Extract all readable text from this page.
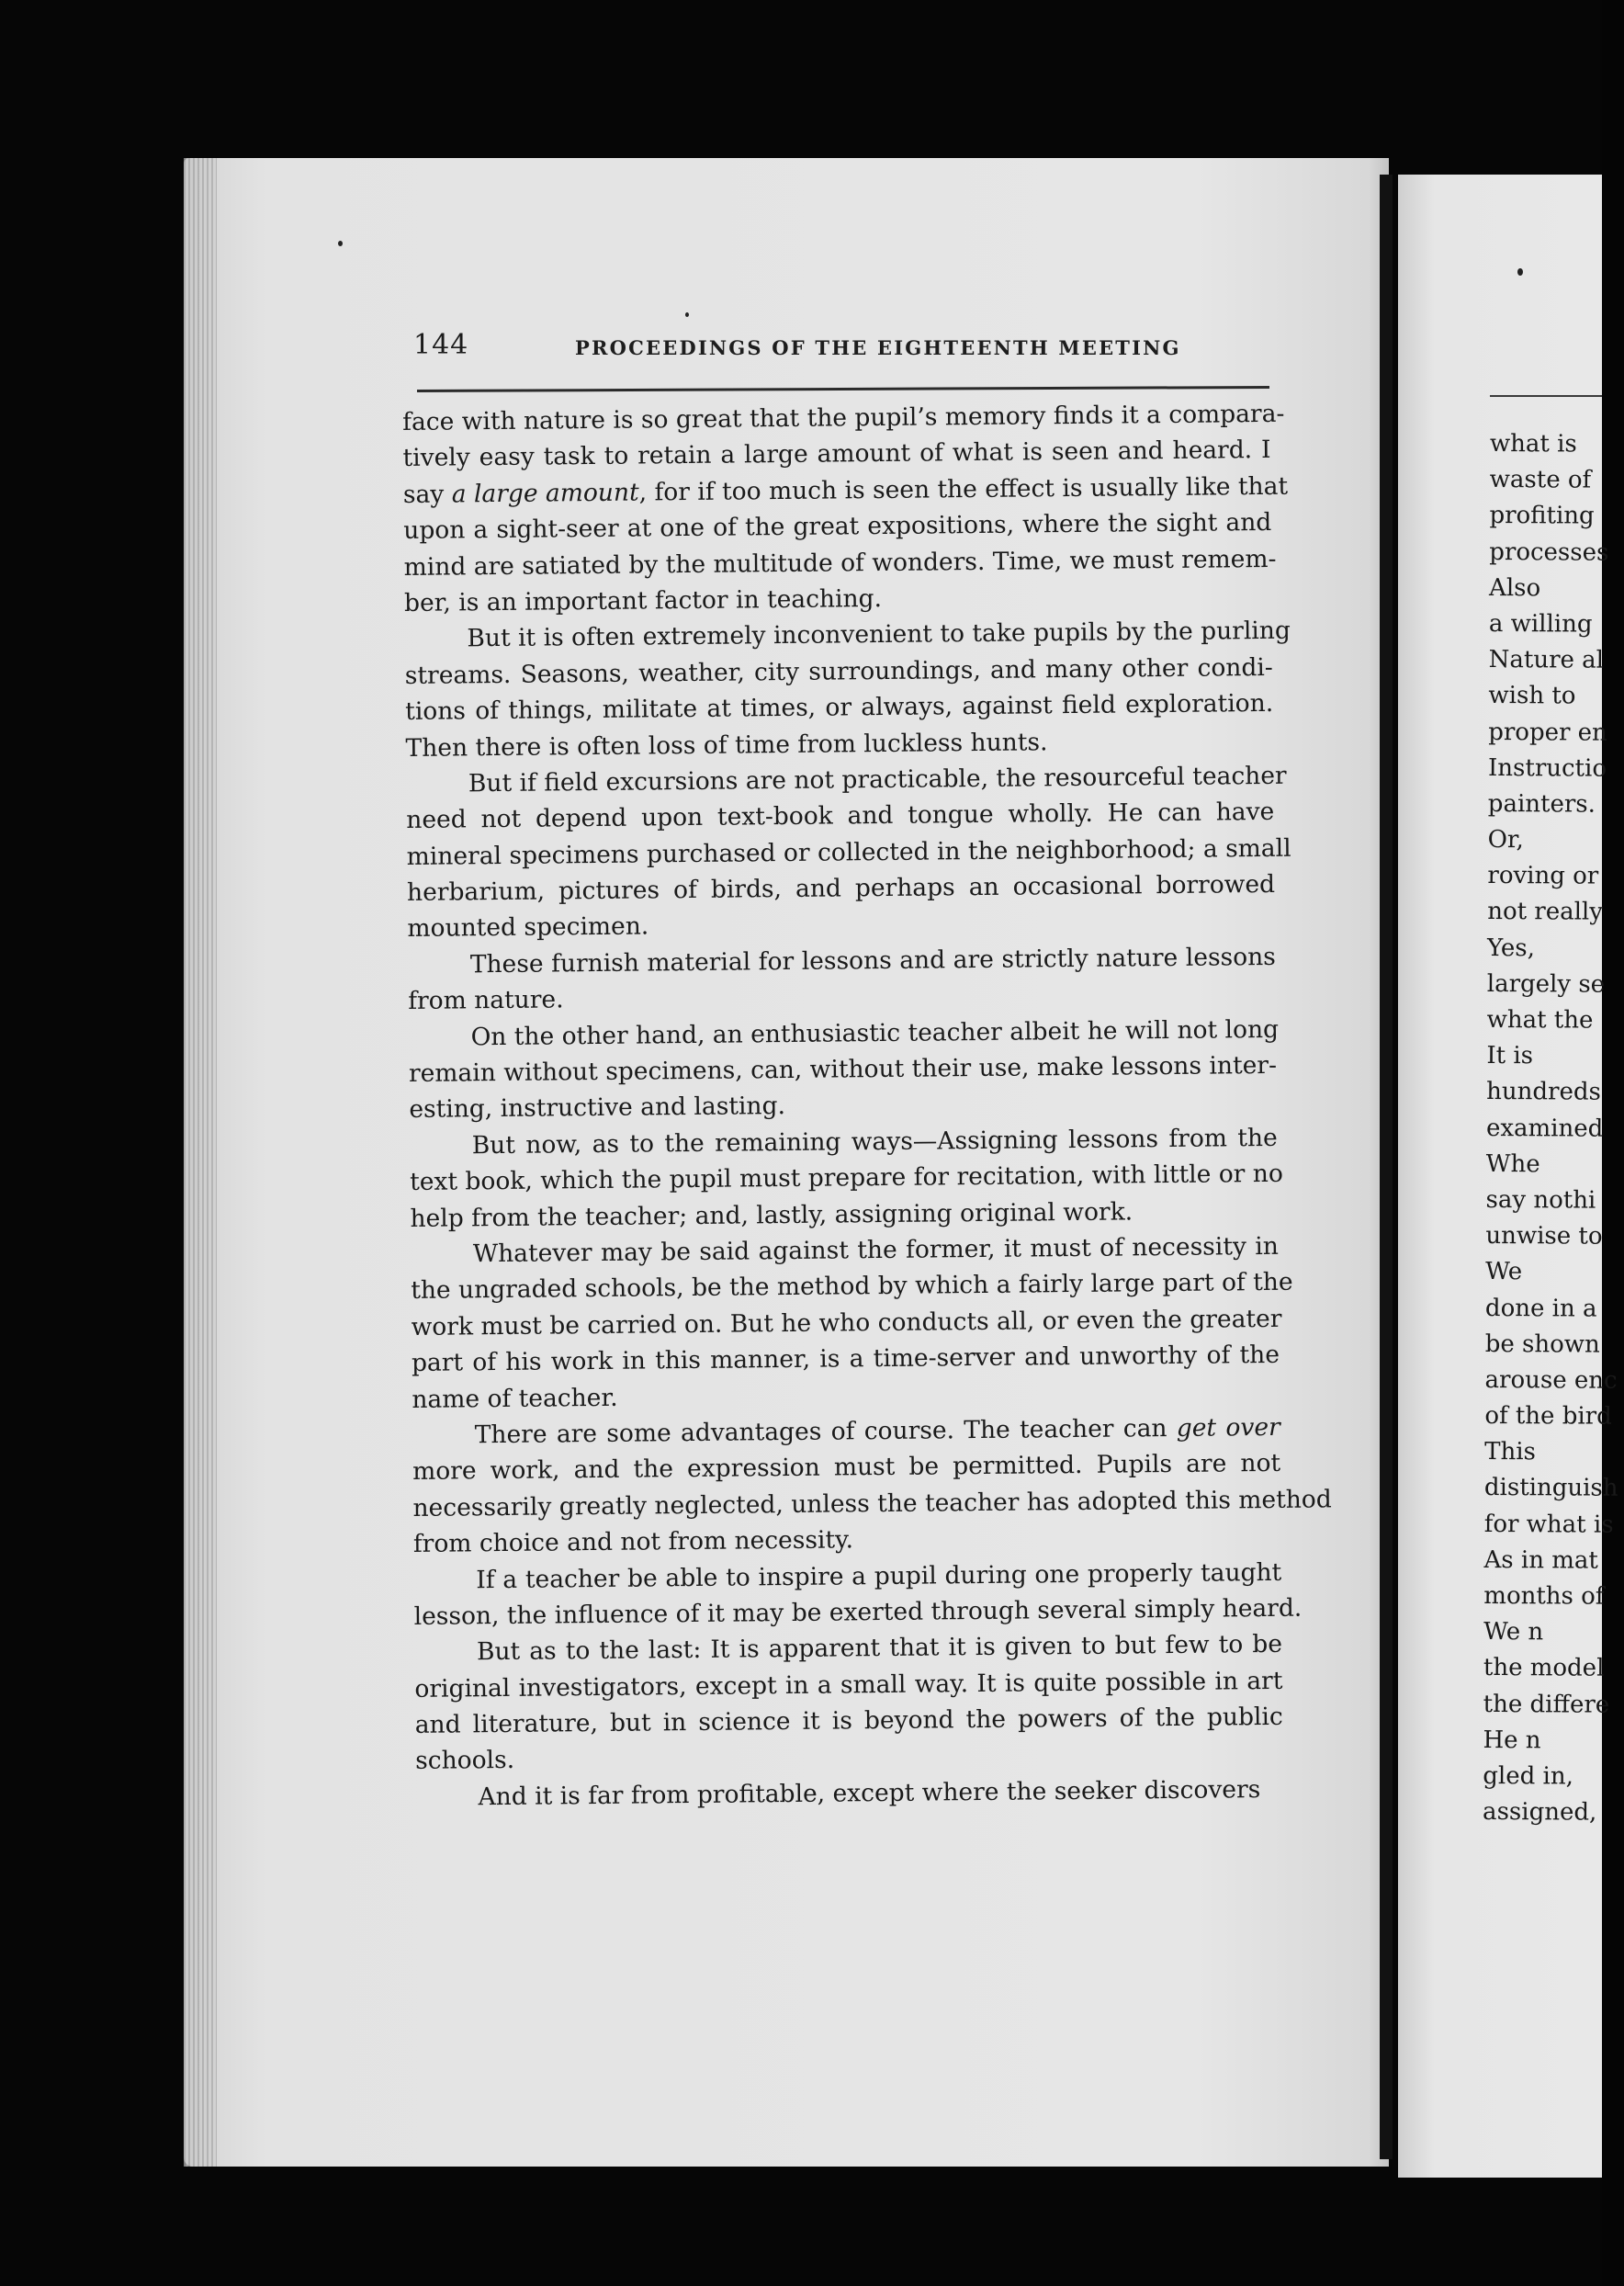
144	PROCEEDINGS OF THE EIGHTEENTH MEETING
face with nature is so great that the pupil’s memory finds it a compara-
tively easy task to retain a large amount of what is seen and heard. I
say a large amount, for if too much is seen the effect is usually like that
upon a sight-seer at one of the great expositions, where the sight and
mind are satiated by the multitude of wonders. Time, we must remem-
ber, is an important factor in teaching.
But it is often extremely inconvenient to take pupils by the purling
streams. Seasons, weather, city surroundings, and many other condi-
tions of things, militate at times, or always, against field exploration.
Then there is often loss of time from luckless hunts.
But if field excursions are not practicable, the resourceful teacher
need not depend upon text-book and tongue wholly. He can have
mineral specimens purchased or collected in the neighborhood; a small
herbarium, pictures of birds, and perhaps an occasional borrowed
mounted specimen.
These furnish material for lessons and are strictly nature lessons
from nature.
On the other hand, an enthusiastic teacher albeit he will not long
remain without specimens, can, without their use, make lessons inter-
esting, instructive and lasting.
But now, as to the remaining ways—Assigning lessons from the
text book, which the pupil must prepare for recitation, with little or no
help from the teacher; and, lastly, assigning original work.
Whatever may be said against the former, it must of necessity in
the ungraded schools, be the method by which a fairly large part of the
work must be carried on. But he who conducts all, or even the greater
part of his work in this manner, is a time-server and unworthy of the
name of teacher.
There are some advantages of course. The teacher can get over
more work, and the expression must be permitted. Pupils are not
necessarily greatly neglected, unless the teacher has adopted this method
from choice and not from necessity.
If a teacher be able to inspire a pupil during one properly taught
lesson, the influence of it may be exerted through several simply heard.
But as to the last: It is apparent that it is given to but few to be
original investigators, except in a small way. It is quite possible in art
and literature, but in science it is beyond the powers of the public
schools.
And it is far from profitable, except where the seeker discovers
what is
waste of
profiting
processes
Also
a willing
Nature al
wish to
proper en
Instructio
painters.
Or,
roving or
not really
Yes,
largely se
what the
It is
hundreds
examined
Whe
say nothi
unwise to
We
done in a
be shown
arouse enc
of the bird
This
distinguish
for what is
As in mat
months of
We n
the model
the differe
He n
gled in,
assigned,
